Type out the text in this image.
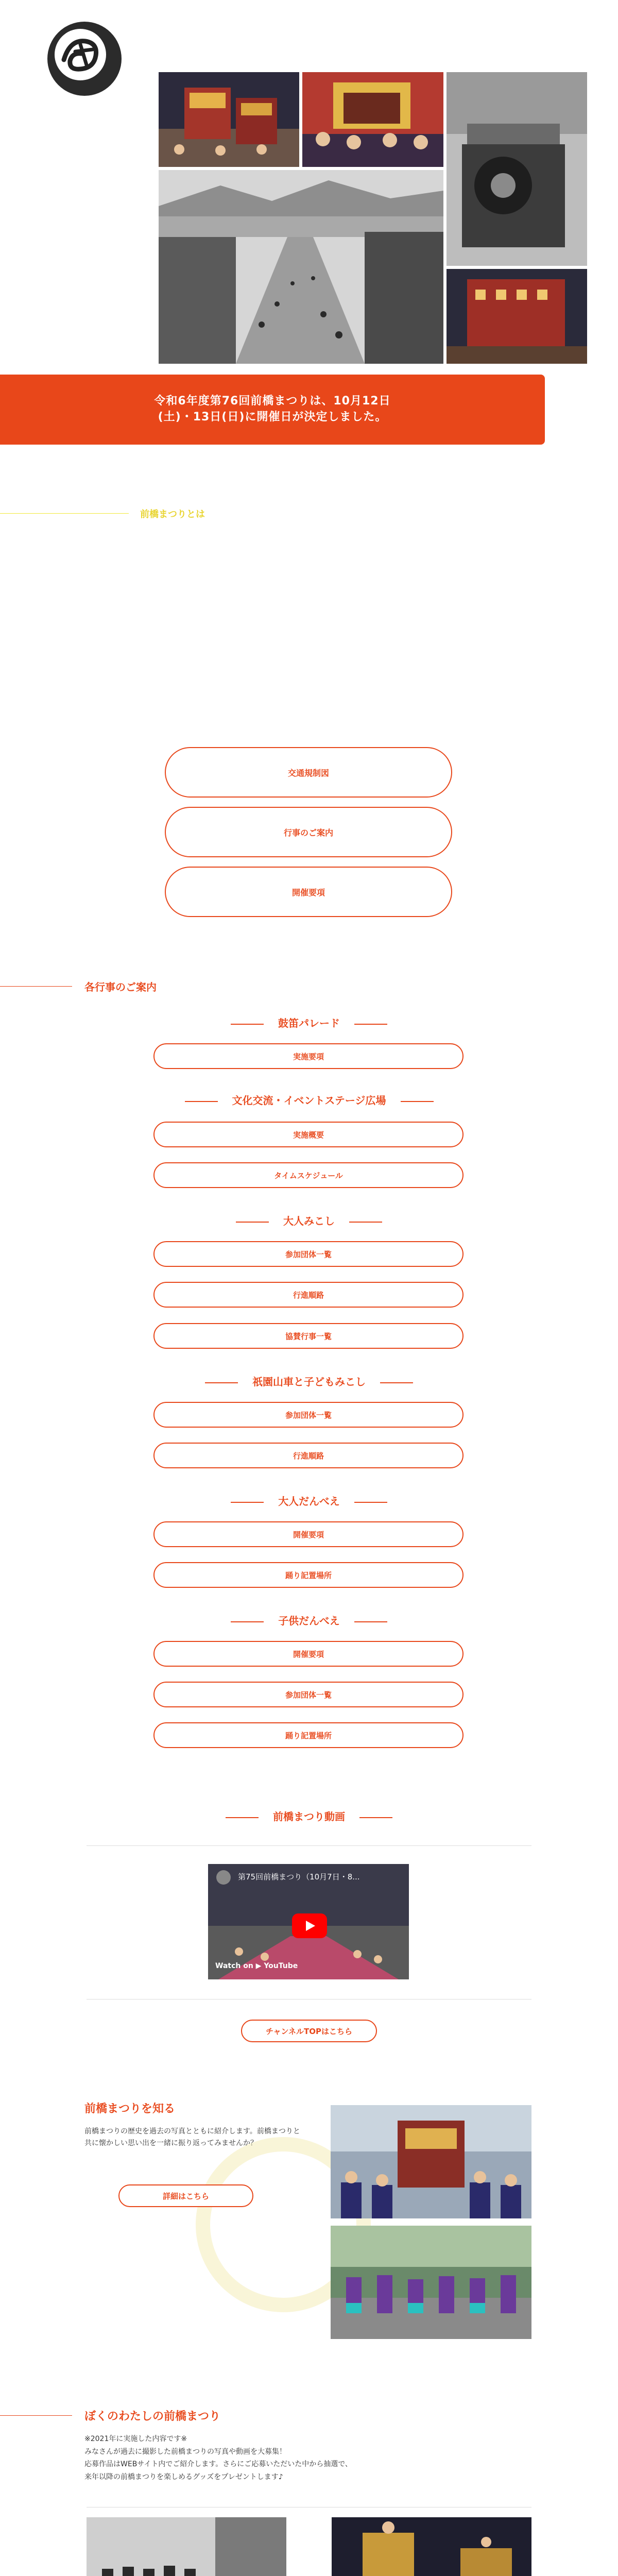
令和6年度第76回前橋まつりは、10月12日
(土)・13日(日)に開催日が決定しました。

前橋まつりとは
交通規制図
行事のご案内
開催要項
各行事のご案内
鼓笛パレード
実施要項
文化交流・イベントステージ広場
実施概要
タイムスケジュール
大人みこし
参加団体一覧
行進順路
協賛行事一覧
祇園山車と子どもみこし
参加団体一覧
行進順路
大人だんべえ
開催要項
踊り記置場所
子供だんべえ
開催要項
参加団体一覧
踊り記置場所
前橋まつり動画
第75回前橋まつり（10月7日・8...
Watch on ▶ YouTube
チャンネルTOPはこちら
前橋まつりを知る
前橋まつりの歴史を過去の写真とともに紹介します。前橋まつりと共に懐かしい思い出を一緒に振り返ってみませんか？
詳細はこちら
ぼくのわたしの前橋まつり
※2021年に実施した内容です※
みなさんが過去に撮影した前橋まつりの写真や動画を大募集！
応募作品はWEBサイト内でご紹介します。さらにご応募いただいた中から抽選で、
来年以降の前橋まつりを楽しめるグッズをプレゼントします♪
